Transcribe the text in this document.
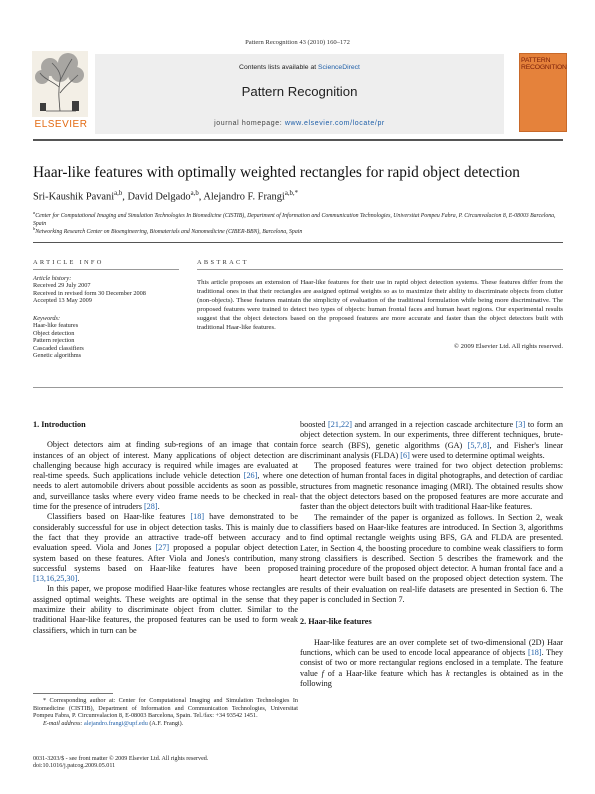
Pattern Recognition 43 (2010) 160–172
ELSEVIER
Contents lists available at ScienceDirect
Pattern Recognition
journal homepage: www.elsevier.com/locate/pr
PATTERN RECOGNITION
Haar-like features with optimally weighted rectangles for rapid object detection
Sri-Kaushik Pavani$^{a,b}$, David Delgado$^{a,b}$, Alejandro F. Frangi$^{a,b,*}$
$^a$Center for Computational Imaging and Simulation Technologies In Biomedicine (CISTIB), Department of Information and Communication Technologies, Universitat Pompeu Fabra, P. Circumvalacion 8, E-08003 Barcelona, Spain
$^b$Networking Research Center on Bioengineering, Biomaterials and Nanomedicine (CIBER-BBN), Barcelona, Spain
ARTICLE INFO
Article history:
Received 29 July 2007
Received in revised form 30 December 2008
Accepted 13 May 2009
Keywords:
Haar-like features
Object detection
Pattern rejection
Cascaded classifiers
Genetic algorithms
ABSTRACT
This article proposes an extension of Haar-like features for their use in rapid object detection systems. These features differ from the traditional ones in that their rectangles are assigned optimal weights so as to maximize their ability to discriminate objects from clutter (non-objects). These features maintain the simplicity of evaluation of the traditional formulation while being more discriminative. The proposed features were trained to detect two types of objects: human frontal faces and human heart regions. Our experimental results suggest that the object detectors based on the proposed features are more accurate and faster than the object detectors built with traditional Haar-like features.
© 2009 Elsevier Ltd. All rights reserved.
1. Introduction

Object detectors aim at finding sub-regions of an image that contain instances of an object of interest. Many applications of object detection are challenging because high accuracy is required while images are evaluated at real-time speeds. Such applications include vehicle detection [26], where one needs to alert automobile drivers about possible accidents as soon as possible, and, surveillance tasks where every video frame needs to be checked in real-time for the presence of intruders [28].

Classifiers based on Haar-like features [18] have demonstrated to be considerably successful for use in object detection tasks. This is mainly due to the fact that they provide an attractive trade-off between accuracy and evaluation speed. Viola and Jones [27] proposed a popular object detection system based on these features. After Viola and Jones's contribution, many successful systems based on Haar-like features have been proposed [13,16,25,30].

In this paper, we propose modified Haar-like features whose rectangles are assigned optimal weights. These weights are optimal in the sense that they maximize their ability to discriminate object from clutter. Similar to the traditional Haar-like features, the proposed features can be used to form weak classifiers, which in turn can be

* Corresponding author at: Center for Computational Imaging and Simulation Technologies In Biomedicine (CISTIB), Department of Information and Communication Technologies, Universitat Pompeu Fabra, P. Circumvalacion 8, E-08003 Barcelona, Spain. Tel./fax: +34 93542 1451.
E-mail address: alejandro.frangi@upf.edu (A.F. Frangi).
0031-3203/$ - see front matter © 2009 Elsevier Ltd. All rights reserved.
doi:10.1016/j.patcog.2009.05.011

boosted [21,22] and arranged in a rejection cascade architecture [3] to form an object detection system. In our experiments, three different techniques, brute-force search (BFS), genetic algorithms (GA) [5,7,8], and Fisher's linear discriminant analysis (FLDA) [6] were used to determine optimal weights.

The proposed features were trained for two object detection problems: detection of human frontal faces in digital photographs, and detection of cardiac structures from magnetic resonance imaging (MRI). The obtained results show that the object detectors based on the proposed features are more accurate and faster than the object detectors built with traditional Haar-like features.

The remainder of the paper is organized as follows. In Section 2, weak classifiers based on Haar-like features are introduced. In Section 3, algorithms to find optimal rectangle weights using BFS, GA and FLDA are presented. Later, in Section 4, the boosting procedure to combine weak classifiers to form strong classifiers is described. Section 5 describes the framework and the training procedure of the proposed object detector. A human frontal face and a heart detector were built based on the proposed object detection system. The results of their evaluation on real-life datasets are presented in Section 6. The paper is concluded in Section 7.

2. Haar-like features

Haar-like features are an over complete set of two-dimensional (2D) Haar functions, which can be used to encode local appearance of objects [18]. They consist of two or more rectangular regions enclosed in a template. The feature value f of a Haar-like feature which has k rectangles is obtained as in the following
